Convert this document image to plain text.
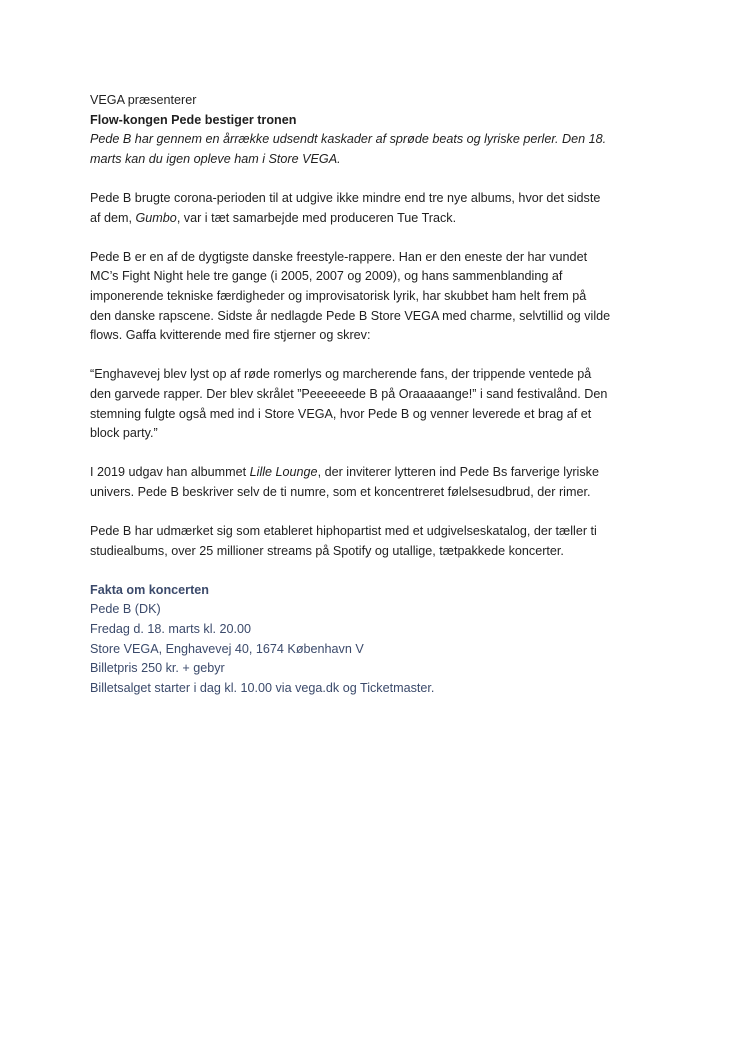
VEGA præsenterer
Flow-kongen Pede bestiger tronen
Pede B har gennem en årrække udsendt kaskader af sprøde beats og lyriske perler. Den 18.
marts kan du igen opleve ham i Store VEGA.
Pede B brugte corona-perioden til at udgive ikke mindre end tre nye albums, hvor det sidste
af dem, Gumbo, var i tæt samarbejde med produceren Tue Track.
Pede B er en af de dygtigste danske freestyle-rappere. Han er den eneste der har vundet
MC’s Fight Night hele tre gange (i 2005, 2007 og 2009), og hans sammenblanding af
imponerende tekniske færdigheder og improvisatorisk lyrik, har skubbet ham helt frem på
den danske rapscene. Sidste år nedlagde Pede B Store VEGA med charme, selvtillid og vilde
flows. Gaffa kvitterende med fire stjerner og skrev:
“Enghavevej blev lyst op af røde romerlys og marcherende fans, der trippende ventede på
den garvede rapper. Der blev skrålet ”Peeeeeede B på Oraaaaange!” i sand festivalånd. Den
stemning fulgte også med ind i Store VEGA, hvor Pede B og venner leverede et brag af et
block party.”
I 2019 udgav han albummet Lille Lounge, der inviterer lytteren ind Pede Bs farverige lyriske
univers. Pede B beskriver selv de ti numre, som et koncentreret følelsesudbrud, der rimer.
Pede B har udmærket sig som etableret hiphopartist med et udgivelseskatalog, der tæller ti
studiealbums, over 25 millioner streams på Spotify og utallige, tætpakkede koncerter.
Fakta om koncerten
Pede B (DK)
Fredag d. 18. marts kl. 20.00
Store VEGA, Enghavevej 40, 1674 København V
Billetpris 250 kr. + gebyr
Billetsalget starter i dag kl. 10.00 via vega.dk og Ticketmaster.
